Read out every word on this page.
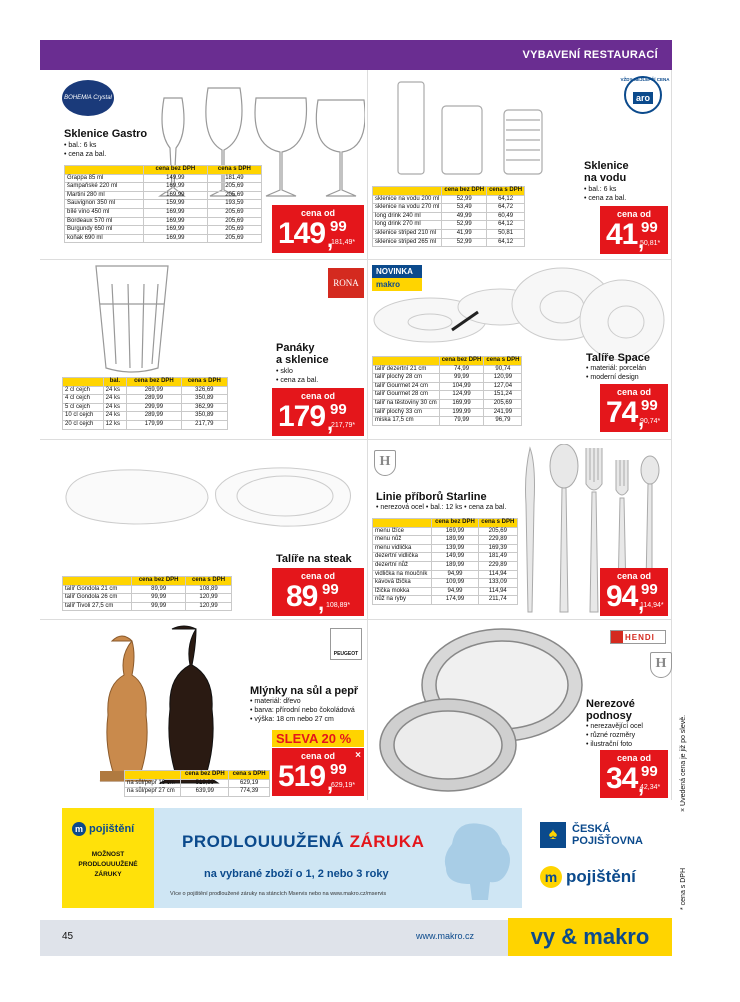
VYBAVENÍ RESTAURACÍ
BOHEMIA Crystal
Sklenice Gastro
• bal.: 6 ks
• cena za bal.
	cena bez DPH	cena s DPH
Grappa 85 ml	149,99	181,49
šampaňské 220 ml	169,99	205,69
Martini 280 ml	169,99	205,69
Sauvignon 350 ml	159,99	193,59
bílé víno 450 ml	169,99	205,69
Bordeaux 570 ml	169,99	205,69
Burgundy 650 ml	169,99	205,69
koňak 690 ml	169,99	205,69
cena od
149 ,
99
181,49*
VŽDY NEJLEPŠÍ CENA
aro
Sklenice
na vodu
• bal.: 6 ks
• cena za bal.
	cena bez DPH	cena s DPH
sklenice na vodu 200 ml	52,99	64,12
sklenice na vodu 270 ml	53,49	64,72
long drink 240 ml	49,99	60,49
long drink 270 ml	52,99	64,12
sklenice striped 210 ml	41,99	50,81
sklenice striped 265 ml	52,99	64,12
cena od
41 ,
99
50,81*
RONA
Panáky
a sklenice
• sklo
• cena za bal.
	bal.	cena bez DPH	cena s DPH
2 cl cejch	24 ks	269,99	326,69
4 cl cejch	24 ks	289,99	350,89
5 cl cejch	24 ks	299,99	362,99
10 cl cejch	24 ks	289,99	350,89
20 cl cejch	12 ks	179,99	217,79
cena od
179 ,
99
217,79*
NOVINKA
makro
Talíře Space
• materiál: porcelán
• moderní design
	cena bez DPH	cena s DPH
talíř dezertní 21 cm	74,99	90,74
talíř plochý 28 cm	99,99	120,99
talíř Gourmet 24 cm	104,99	127,04
talíř Gourmet 28 cm	124,99	151,24
talíř na těstoviny 30 cm	169,99	205,69
talíř plochý 33 cm	199,99	241,99
miska 17,5 cm	79,99	96,79
cena od
74 ,
99
90,74*
Talíře na steak
	cena bez DPH	cena s DPH
talíř Gondola 21 cm	89,99	108,89
talíř Gondola 26 cm	99,99	120,99
talíř Tivoli 27,5 cm	99,99	120,99
cena od
89 ,
99
108,89*
H
Linie příborů Starline
• nerezová ocel • bal.: 12 ks • cena za bal.
	cena bez DPH	cena s DPH
menu lžíce	169,99	205,69
menu nůž	189,99	229,89
menu vidlička	139,99	169,39
dezertní vidlička	149,99	181,49
dezertní nůž	189,99	229,89
vidlička na moučník	94,99	114,94
kávová lžička	109,99	133,09
lžička mokka	94,99	114,94
nůž na ryby	174,99	211,74
cena od
94 ,
99
114,94*
PEUGEOT
Mlýnky na sůl a pepř
• materiál: dřevo
• barva: přírodní nebo čokoládová
• výška: 18 cm nebo 27 cm
SLEVA 20 %
	cena bez DPH	cena s DPH
na sůl/pepř 18 cm	519,99	629,19
na sůl/pepř 27 cm	639,99	774,39
cena od	×
519 ,
99
629,19*
HENDI
H
Nerezové
podnosy
• nerezavějící ocel
• různé rozměry
• ilustrační foto
cena od
34 ,
99
42,34*
m pojištění
MOŽNOST
PRODLOUUUŽENÉ
ZÁRUKY
PRODLOUUUŽENÁ ZÁRUKA
na vybrané zboží o 1, 2 nebo 3 roky
Více o pojištění prodloužené záruky na stáncích Mservis nebo na www.makro.cz/mservis
♠	ČESKÁ
POJIŠŤOVNA
m pojištění
× Uvedená cena je již po slevě.
* cena s DPH
45	www.makro.cz	vy & makro
